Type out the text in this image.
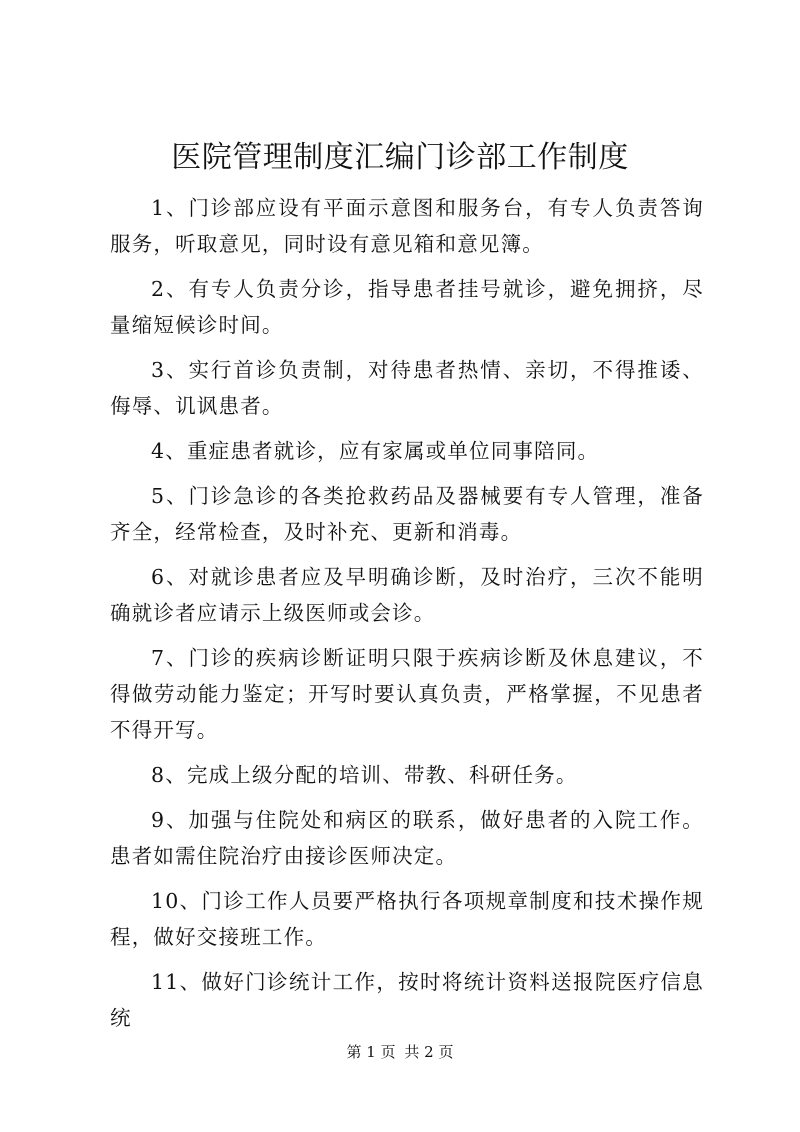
医院管理制度汇编门诊部工作制度

1、门诊部应设有平面示意图和服务台，有专人负责答询服务，听取意见，同时设有意见箱和意见簿。

2、有专人负责分诊，指导患者挂号就诊，避免拥挤，尽量缩短候诊时间。

3、实行首诊负责制，对待患者热情、亲切，不得推诿、侮辱、讥讽患者。

4、重症患者就诊，应有家属或单位同事陪同。

5、门诊急诊的各类抢救药品及器械要有专人管理，准备齐全，经常检查，及时补充、更新和消毒。

6、对就诊患者应及早明确诊断，及时治疗，三次不能明确就诊者应请示上级医师或会诊。

7、门诊的疾病诊断证明只限于疾病诊断及休息建议，不得做劳动能力鉴定；开写时要认真负责，严格掌握，不见患者不得开写。

8、完成上级分配的培训、带教、科研任务。

9、加强与住院处和病区的联系，做好患者的入院工作。患者如需住院治疗由接诊医师决定。

10、门诊工作人员要严格执行各项规章制度和技术操作规程，做好交接班工作。

11、做好门诊统计工作，按时将统计资料送报院医疗信息统

第 1 页 共 2 页
